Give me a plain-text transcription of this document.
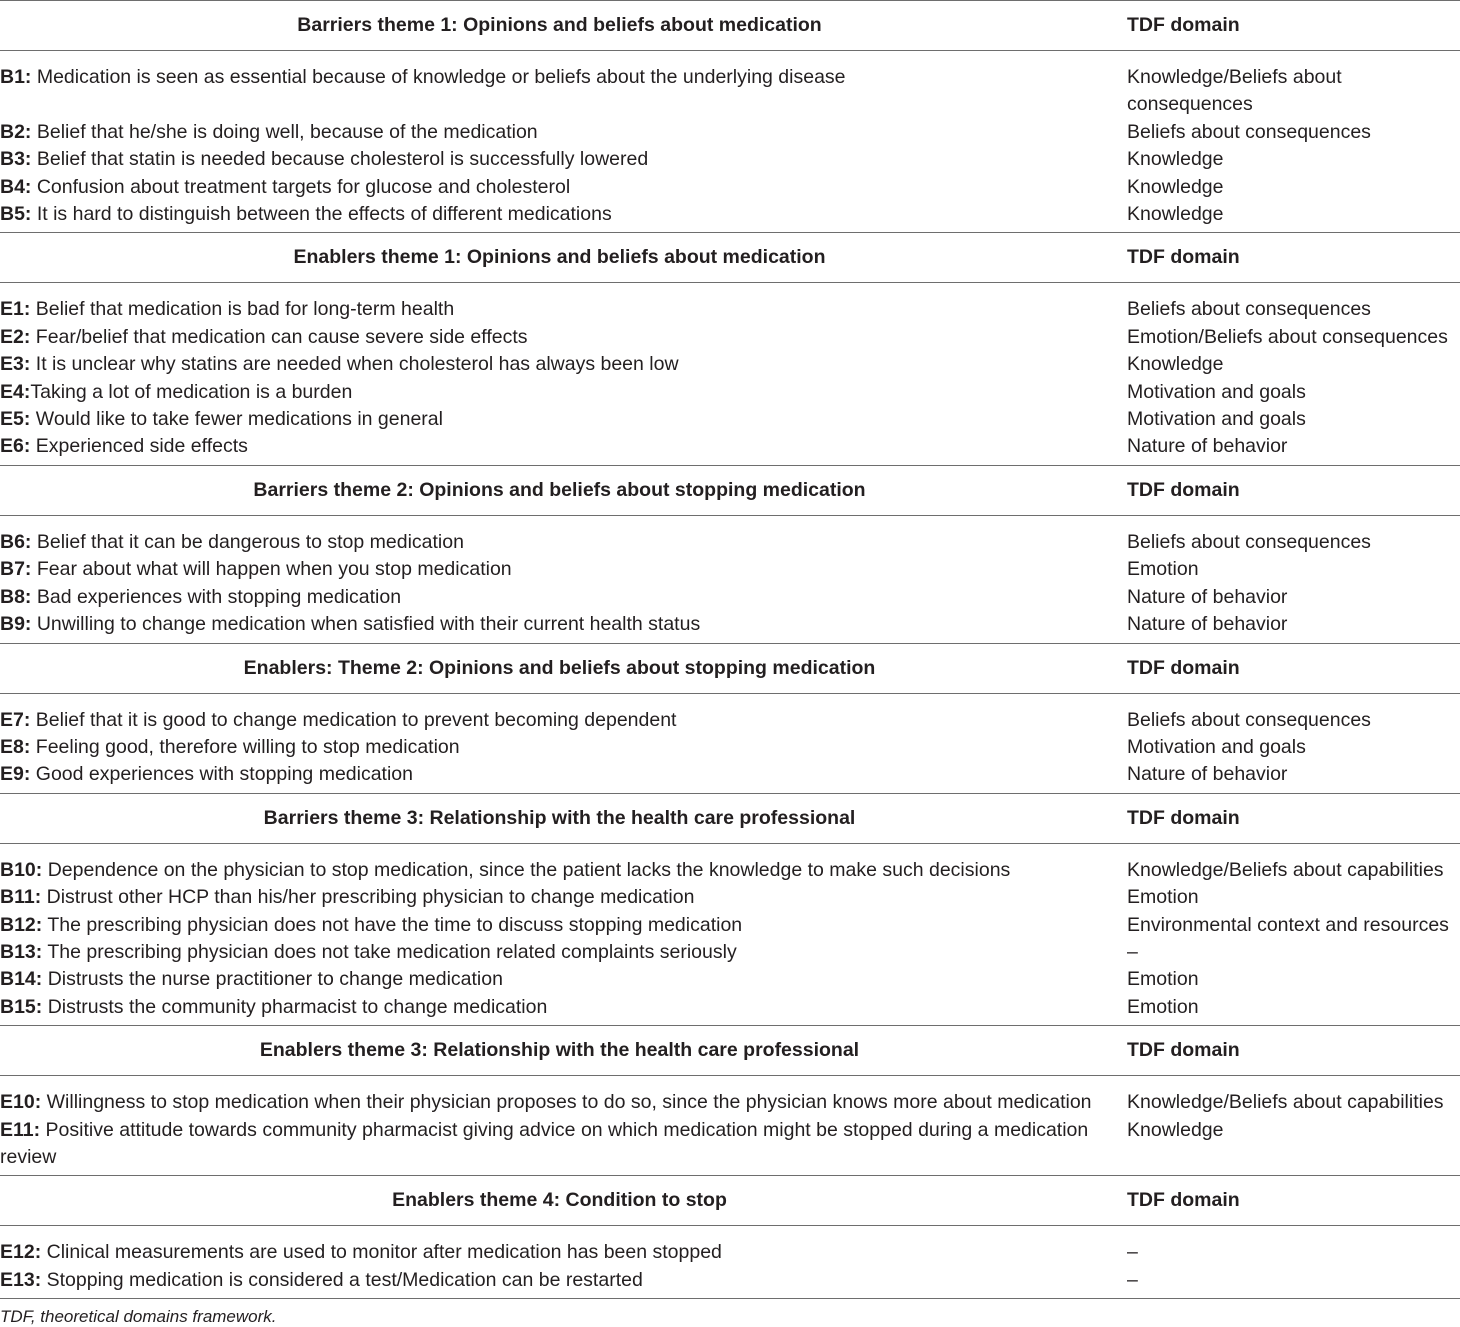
Barriers theme 1: Opinions and beliefs about medication	TDF domain
B1: Medication is seen as essential because of knowledge or beliefs about the underlying disease	Knowledge/Beliefs about consequences
B2: Belief that he/she is doing well, because of the medication	Beliefs about consequences
B3: Belief that statin is needed because cholesterol is successfully lowered	Knowledge
B4: Confusion about treatment targets for glucose and cholesterol	Knowledge
B5: It is hard to distinguish between the effects of different medications	Knowledge
Enablers theme 1: Opinions and beliefs about medication	TDF domain
E1: Belief that medication is bad for long-term health	Beliefs about consequences
E2: Fear/belief that medication can cause severe side effects	Emotion/Beliefs about consequences
E3: It is unclear why statins are needed when cholesterol has always been low	Knowledge
E4:Taking a lot of medication is a burden	Motivation and goals
E5: Would like to take fewer medications in general	Motivation and goals
E6: Experienced side effects	Nature of behavior
Barriers theme 2: Opinions and beliefs about stopping medication	TDF domain
B6: Belief that it can be dangerous to stop medication	Beliefs about consequences
B7: Fear about what will happen when you stop medication	Emotion
B8: Bad experiences with stopping medication	Nature of behavior
B9: Unwilling to change medication when satisfied with their current health status	Nature of behavior
Enablers: Theme 2: Opinions and beliefs about stopping medication	TDF domain
E7: Belief that it is good to change medication to prevent becoming dependent	Beliefs about consequences
E8: Feeling good, therefore willing to stop medication	Motivation and goals
E9: Good experiences with stopping medication	Nature of behavior
Barriers theme 3: Relationship with the health care professional	TDF domain
B10: Dependence on the physician to stop medication, since the patient lacks the knowledge to make such decisions	Knowledge/Beliefs about capabilities
B11: Distrust other HCP than his/her prescribing physician to change medication	Emotion
B12: The prescribing physician does not have the time to discuss stopping medication	Environmental context and resources
B13: The prescribing physician does not take medication related complaints seriously	–
B14: Distrusts the nurse practitioner to change medication	Emotion
B15: Distrusts the community pharmacist to change medication	Emotion
Enablers theme 3: Relationship with the health care professional	TDF domain
E10: Willingness to stop medication when their physician proposes to do so, since the physician knows more about medication	Knowledge/Beliefs about capabilities
E11: Positive attitude towards community pharmacist giving advice on which medication might be stopped during a medication review	Knowledge
Enablers theme 4: Condition to stop	TDF domain
E12: Clinical measurements are used to monitor after medication has been stopped	–
E13: Stopping medication is considered a test/Medication can be restarted	–
TDF, theoretical domains framework.
